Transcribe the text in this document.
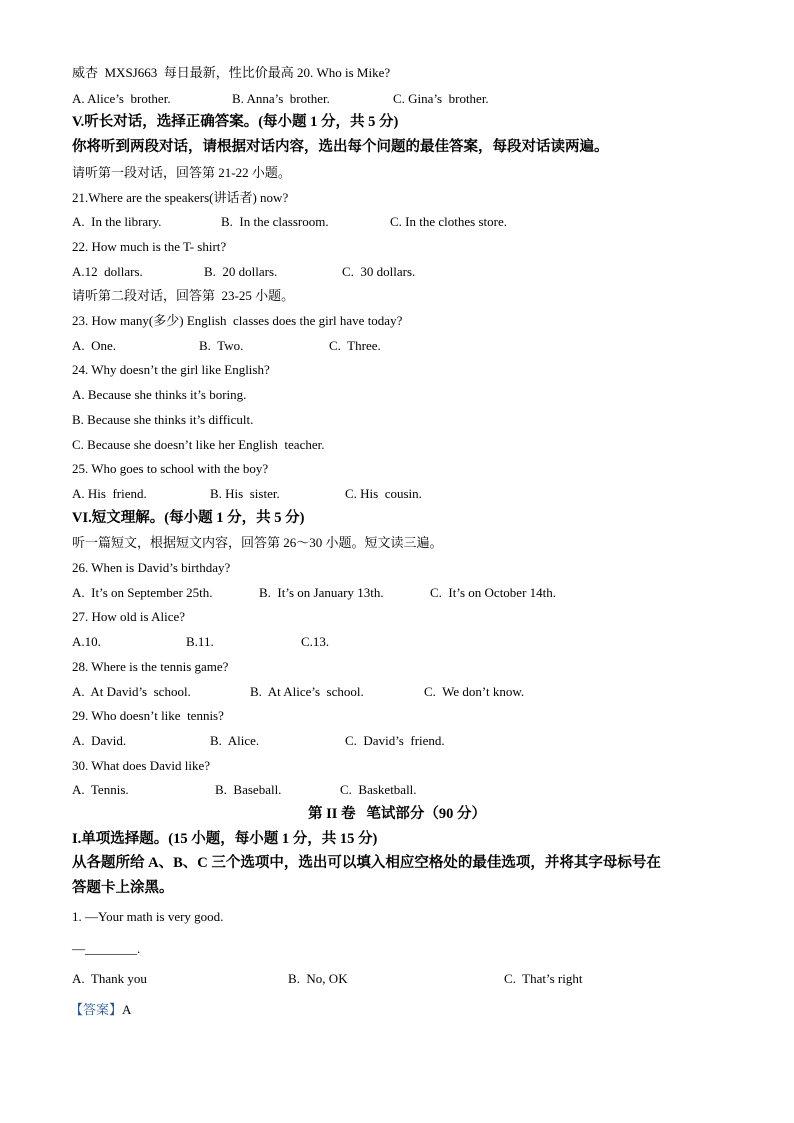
威杏  MXSJ663  每日最新，性比价最高 20. Who is Mike?
A. Alice’s  brother.	B. Anna’s  brother.	C. Gina’s  brother.
V.听长对话，选择正确答案。(每小题 1 分，共 5 分)
你将听到两段对话，请根据对话内容，选出每个问题的最佳答案，每段对话读两遍。
请听第一段对话，回答第 21-22 小题。
21.Where are the speakers(讲话者) now?
A.  In the library.	B.  In the classroom.	C. In the clothes store.
22. How much is the T- shirt?
A.12  dollars.	B.  20 dollars.	C.  30 dollars.
请听第二段对话，回答第  23-25 小题。
23. How many(多少) English  classes does the girl have today?
A.  One.	B.  Two.	C.  Three.
24. Why doesn’t the girl like English?
A. Because she thinks it’s boring.
B. Because she thinks it’s difficult.
C. Because she doesn’t like her English  teacher.
25. Who goes to school with the boy?
A. His  friend.	B. His  sister.	C. His  cousin.
VI.短文理解。(每小题 1 分，共 5 分)
听一篇短文，根据短文内容，回答第 26～30 小题。短文读三遍。
26. When is David’s birthday?
A.  It’s on September 25th.	B.  It’s on January 13th.	C.  It’s on October 14th.
27. How old is Alice?
A.10.	B.11.	C.13.
28. Where is the tennis game?
A.  At David’s  school.	B.  At Alice’s  school.	C.  We don’t know.
29. Who doesn’t like  tennis?
A.  David.	B.  Alice.	C.  David’s  friend.
30. What does David like?
A.  Tennis.	B.  Baseball.	C.  Basketball.
第 II 卷   笔试部分（90 分）
I.单项选择题。(15 小题，每小题 1 分，共 15 分)
从各题所给 A、B、C 三个选项中，选出可以填入相应空格处的最佳选项，并将其字母标号在
答题卡上涂黑。
1. —Your math is very good.
—________.
A.  Thank you	B.  No, OK	C.  That’s right
【答案】A
